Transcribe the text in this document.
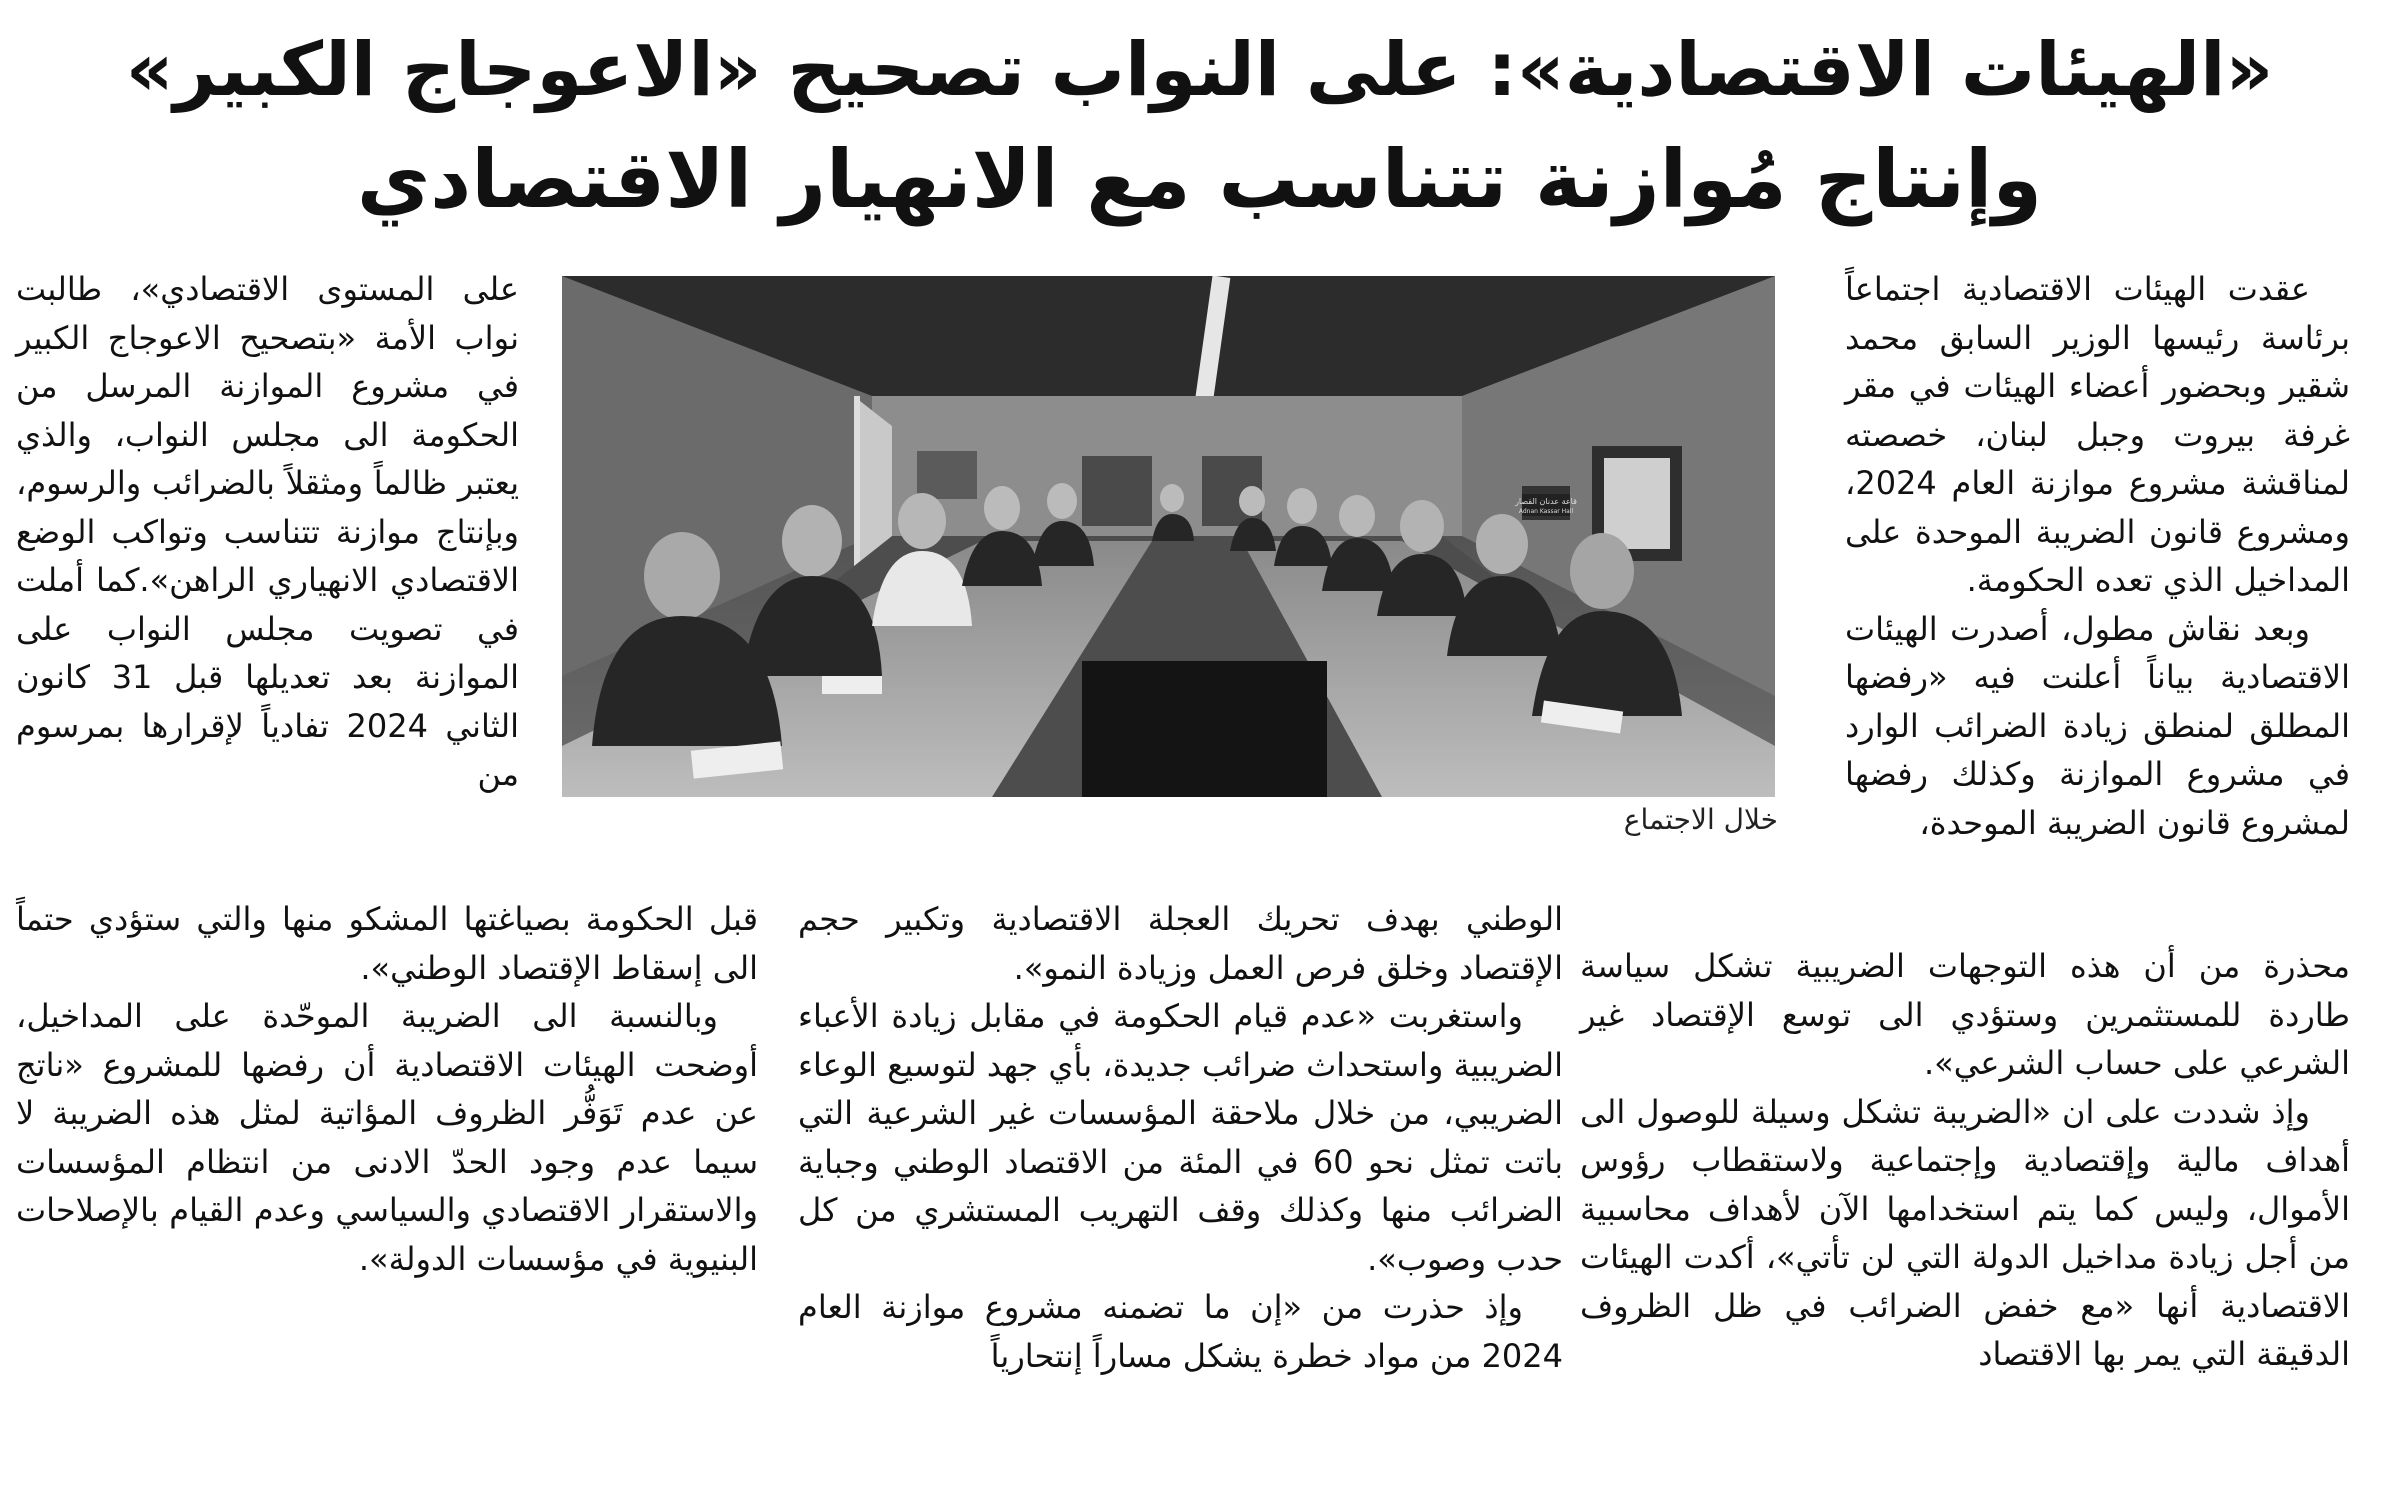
«الهيئات الاقتصادية»: على النواب تصحيح «الاعوجاج الكبير»
وإنتاج مُوازنة تتناسب مع الانهيار الاقتصادي

عقدت الهيئات الاقتصادية اجتماعاً برئاسة رئيسها الوزير السابق محمد شقير وبحضور أعضاء الهيئات في مقر غرفة بيروت وجبل لبنان، خصصته لمناقشة مشروع موازنة العام 2024، ومشروع قانون الضريبة الموحدة على المداخيل الذي تعده الحكومة.

وبعد نقاش مطول، أصدرت الهيئات الاقتصادية بياناً أعلنت فيه «رفضها المطلق لمنطق زيادة الضرائب الوارد في مشروع الموازنة وكذلك رفضها لمشروع قانون الضريبة الموحدة،

قاعة عدنان القصار
Adnan Kassar Hall
خلال الاجتماع

على المستوى الاقتصادي»، طالبت نواب الأمة «بتصحيح الاعوجاج الكبير في مشروع الموازنة المرسل من الحكومة الى مجلس النواب، والذي يعتبر ظالماً ومثقلاً بالضرائب والرسوم، وبإنتاج موازنة تتناسب وتواكب الوضع الاقتصادي الانهياري الراهن».كما أملت في تصويت مجلس النواب على الموازنة بعد تعديلها قبل 31 كانون الثاني 2024 تفادياً لإقرارها بمرسوم من

قبل الحكومة بصياغتها المشكو منها والتي ستؤدي حتماً الى إسقاط الإقتصاد الوطني».

وبالنسبة الى الضريبة الموحّدة على المداخيل، أوضحت الهيئات الاقتصادية أن رفضها للمشروع «ناتج عن عدم تَوَفُّر الظروف المؤاتية لمثل هذه الضريبة لا سيما عدم وجود الحدّ الادنى من انتظام المؤسسات والاستقرار الاقتصادي والسياسي وعدم القيام بالإصلاحات البنيوية في مؤسسات الدولة».

الوطني بهدف تحريك العجلة الاقتصادية وتكبير حجم الإقتصاد وخلق فرص العمل وزيادة النمو».

واستغربت «عدم قيام الحكومة في مقابل زيادة الأعباء الضريبية واستحداث ضرائب جديدة، بأي جهد لتوسيع الوعاء الضريبي، من خلال ملاحقة المؤسسات غير الشرعية التي باتت تمثل نحو 60 في المئة من الاقتصاد الوطني وجباية الضرائب منها وكذلك وقف التهريب المستشري من كل حدب وصوب».

وإذ حذرت من «إن ما تضمنه مشروع موازنة العام 2024 من مواد خطرة يشكل مساراً إنتحارياً

محذرة من أن هذه التوجهات الضريبية تشكل سياسة طاردة للمستثمرين وستؤدي الى توسع الإقتصاد غير الشرعي على حساب الشرعي».

وإذ شددت على ان «الضريبة تشكل وسيلة للوصول الى أهداف مالية وإقتصادية وإجتماعية ولاستقطاب رؤوس الأموال، وليس كما يتم استخدامها الآن لأهداف محاسبية من أجل زيادة مداخيل الدولة التي لن تأتي»، أكدت الهيئات الاقتصادية أنها «مع خفض الضرائب في ظل الظروف الدقيقة التي يمر بها الاقتصاد
